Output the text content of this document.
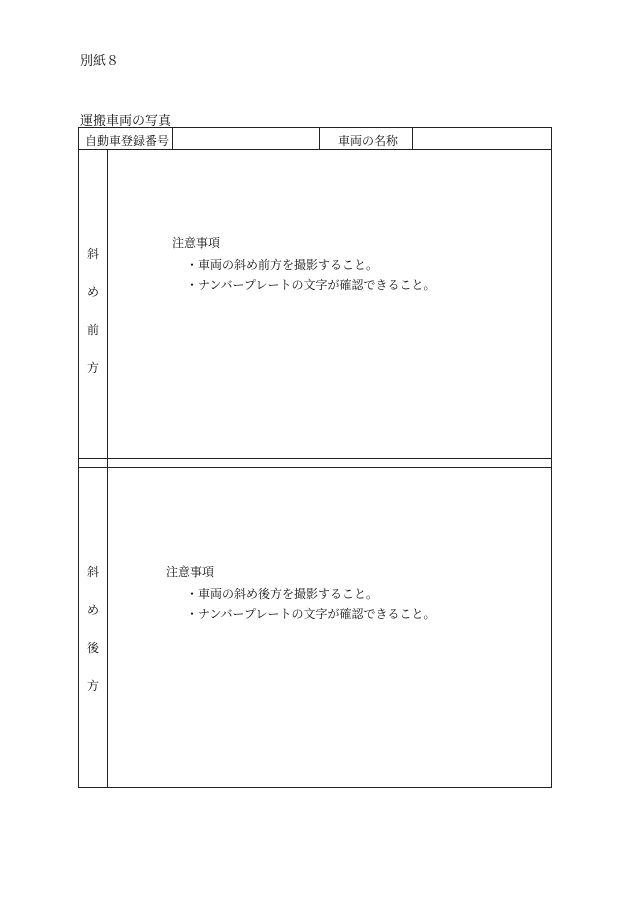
別紙８
運搬車両の写真
自動車登録番号	車両の名称
斜
め
前
方
注意事項
・車両の斜め前方を撮影すること。
・ナンバープレートの文字が確認できること。
斜
め
後
方
注意事項
・車両の斜め後方を撮影すること。
・ナンバープレートの文字が確認できること。
